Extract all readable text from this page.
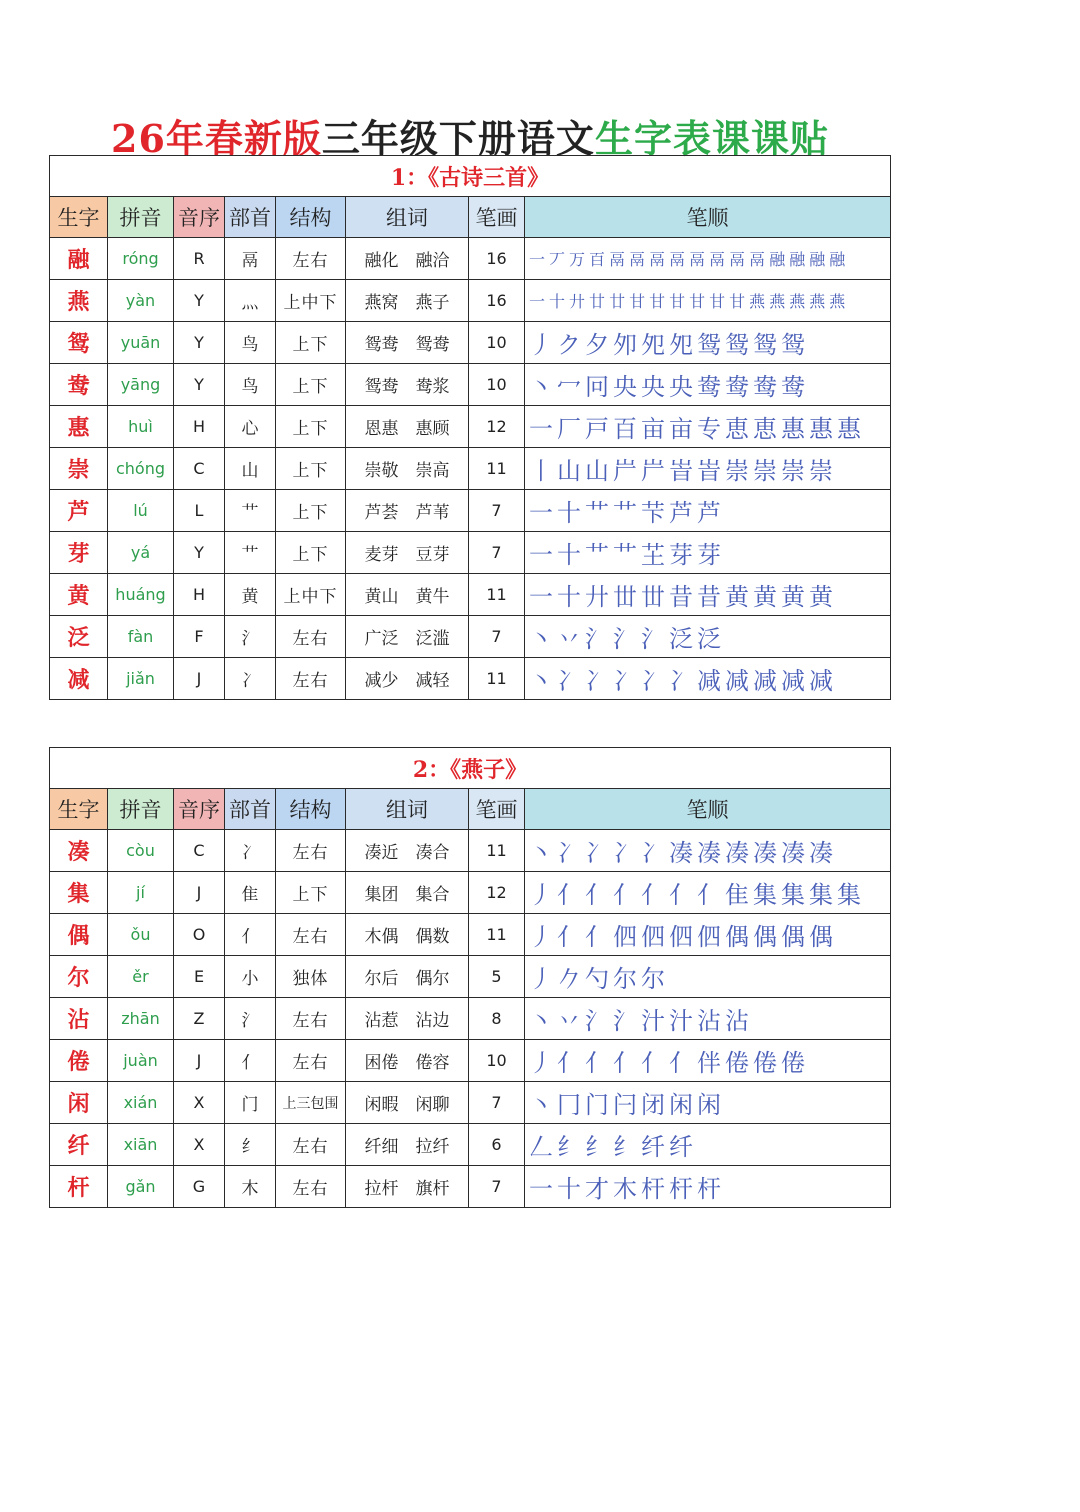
26年春新版三年级下册语文生字表课课贴
1：《古诗三首》							
生字	拼音	音序	部首	结构	组词	笔画	笔顺
融	róng	R	鬲	左右	融化　融洽	16	一 丆 万 百 鬲 鬲 鬲 鬲 鬲 鬲 鬲 鬲 融 融 融 融
燕	yàn	Y	灬	上中下	燕窝　燕子	16	一 十 廾 廿 廿 甘 甘 甘 甘 甘 甘 燕 燕 燕 燕 燕
鸳	yuān	Y	鸟	上下	鸳鸯　鸳鸯	10	丿 ク 夕 夘 夗 夗 鸳 鸳 鸳 鸳
鸯	yāng	Y	鸟	上下	鸳鸯　鸯浆	10	丶 冖 冋 央 央 央 鸯 鸯 鸯 鸯
惠	huì	H	心	上下	恩惠　惠顾	12	一 厂 戸 百 亩 亩 专 恵 恵 惠 惠 惠
崇	chóng	C	山	上下	崇敬　崇高	11	丨 山 山 屵 屵 峕 峕 崇 崇 崇 崇
芦	lú	L	艹	上下	芦荟　芦苇	7	一 十 艹 艹 芐 芦 芦
芽	yá	Y	艹	上下	麦芽　豆芽	7	一 十 艹 艹 芏 芽 芽
黄	huáng	H	黄	上中下	黄山　黄牛	11	一 十 廾 丗 丗 昔 昔 黄 黄 黄 黄
泛	fàn	F	氵	左右	广泛　泛滥	7	丶 丷 氵 氵 氵 泛 泛
减	jiǎn	J	冫	左右	减少　减轻	11	丶 冫 冫 冫 冫 冫 减 减 减 减 减
2：《燕子》							
生字	拼音	音序	部首	结构	组词	笔画	笔顺
凑	còu	C	冫	左右	凑近　凑合	11	丶 冫 冫 冫 冫 凑 凑 凑 凑 凑 凑
集	jí	J	隹	上下	集团　集合	12	丿 亻 亻 亻 亻 亻 亻 隹 集 集 集 集
偶	ǒu	O	亻	左右	木偶　偶数	11	丿 亻 亻 伵 伵 伵 伵 偶 偶 偶 偶
尔	ěr	E	小	独体	尔后　偶尔	5	丿 𠂊 勺 尔 尔
沾	zhān	Z	氵	左右	沾惹　沾边	8	丶 丷 氵 氵 汁 汁 沾 沾
倦	juàn	J	亻	左右	困倦　倦容	10	丿 亻 亻 亻 亻 亻 伴 倦 倦 倦
闲	xián	X	门	上三包围	闲暇　闲聊	7	丶 冂 门 闩 闭 闲 闲
纤	xiān	X	纟	左右	纤细　拉纤	6	𠃋 纟 纟 纟 纤 纤
杆	gǎn	G	木	左右	拉杆　旗杆	7	一 十 才 木 杆 杆 杆
